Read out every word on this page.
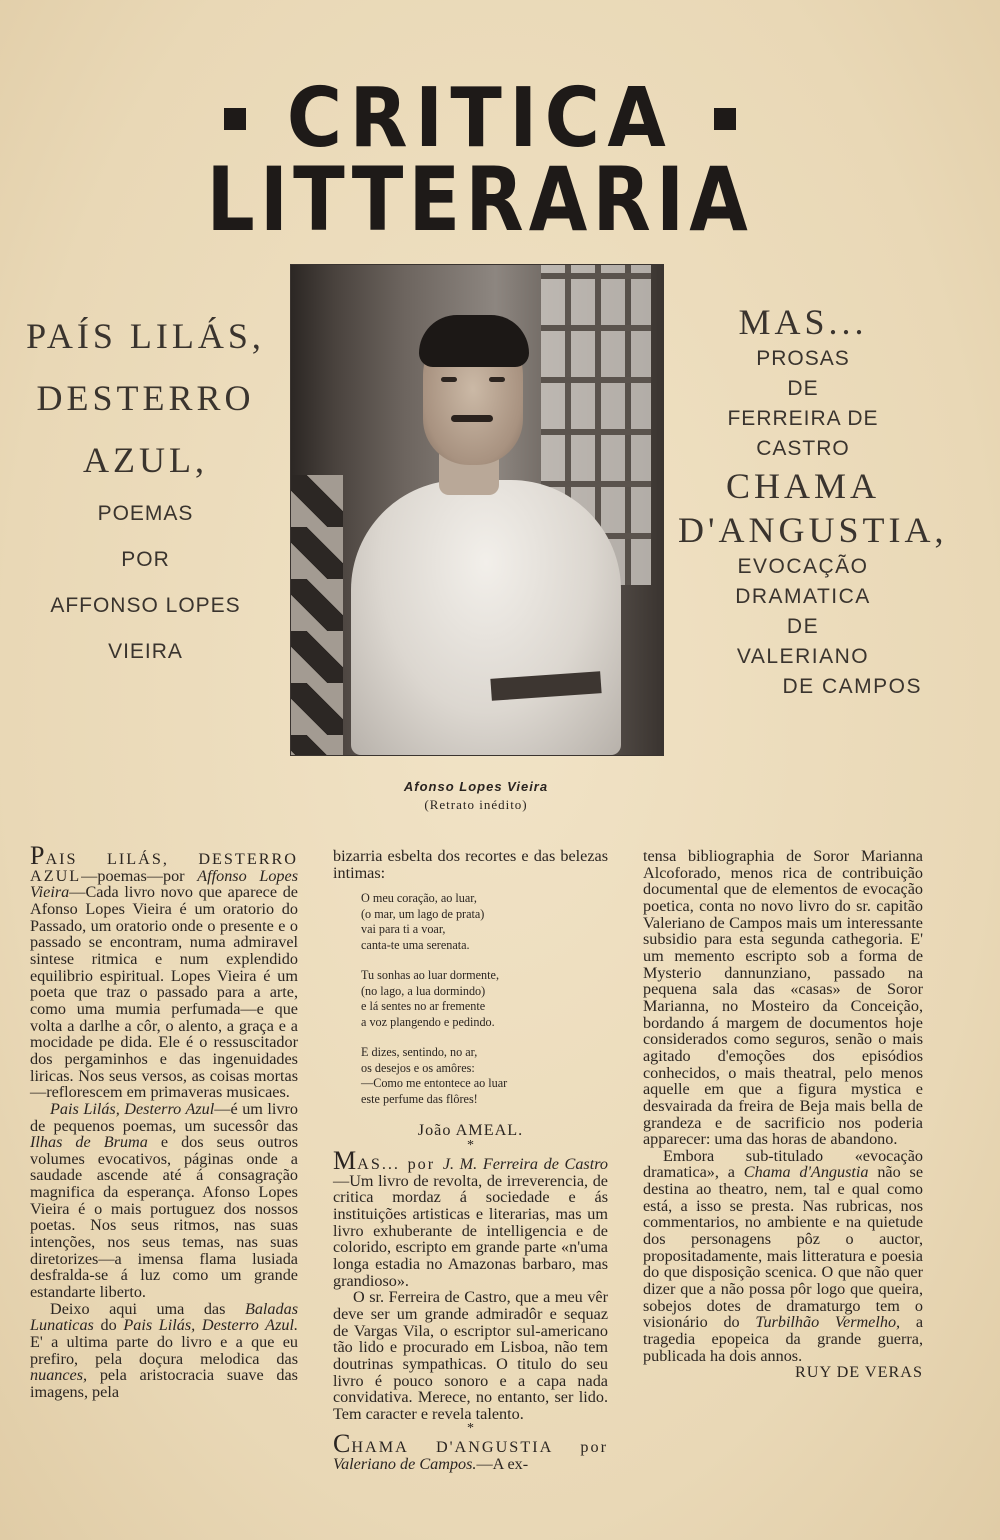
CRITICA
LITTERARIA

PAÍS LILÁS,

DESTERRO

AZUL,

POEMAS

POR

AFFONSO LOPES

VIEIRA

MAS...

PROSAS

DE

FERREIRA DE CASTRO

CHAMA

D'ANGUSTIA,

EVOCAÇÃO

DRAMATICA

DE

VALERIANO

DE CAMPOS

Afonso Lopes Vieira
(Retrato inédito)

PAIS LILÁS, DESTERRO AZUL—poemas—por Affonso Lopes Vieira—Cada livro novo que aparece de Afonso Lopes Vieira é um oratorio do Passado, um oratorio onde o presente e o passado se encontram, numa admiravel sintese ritmica e num explendido equilibrio espiritual. Lopes Vieira é um poeta que traz o passado para a arte, como uma mumia perfumada—e que volta a darlhe a côr, o alento, a graça e a mocidade pe dida. Ele é o ressuscitador dos pergaminhos e das ingenuidades liricas. Nos seus versos, as coisas mortas—reflorescem em primaveras musicaes.

Pais Lilás, Desterro Azul—é um livro de pequenos poemas, um sucessôr das Ilhas de Bruma e dos seus outros volumes evocativos, páginas onde a saudade ascende até á consagração magnifica da esperança. Afonso Lopes Vieira é o mais portuguez dos nossos poetas. Nos seus ritmos, nas suas intenções, nos seus temas, nas suas diretorizes—a imensa flama lusiada desfralda-se á luz como um grande estandarte liberto.

Deixo aqui uma das Baladas Lunaticas do Pais Lilás, Desterro Azul. E' a ultima parte do livro e a que eu prefiro, pela doçura melodica das nuances, pela aristocracia suave das imagens, pela

bizarria esbelta dos recortes e das belezas intimas:

O meu coração, ao luar,
(o mar, um lago de prata)
vai para ti a voar,
canta-te uma serenata.
Tu sonhas ao luar dormente,
(no lago, a lua dormindo)
e lá sentes no ar fremente
a voz plangendo e pedindo.
E dizes, sentindo, no ar,
os desejos e os amôres:
—Como me entontece ao luar
este perfume das flôres!

João AMEAL.

*

MAS... por J. M. Ferreira de Castro —Um livro de revolta, de irreverencia, de critica mordaz á sociedade e ás instituições artisticas e literarias, mas um livro exhuberante de intelligencia e de colorido, escripto em grande parte «n'uma longa estadia no Amazonas barbaro, mas grandioso».

O sr. Ferreira de Castro, que a meu vêr deve ser um grande admiradôr e sequaz de Vargas Vila, o escriptor sul-americano tão lido e procurado em Lisboa, não tem doutrinas sympathicas. O titulo do seu livro é pouco sonoro e a capa nada convidativa. Merece, no entanto, ser lido. Tem caracter e revela talento.

*

CHAMA D'ANGUSTIA por Valeriano de Campos.—A ex-

tensa bibliographia de Soror Marianna Alcoforado, menos rica de contribuição documental que de elementos de evocação poetica, conta no novo livro do sr. capitão Valeriano de Campos mais um interessante subsidio para esta segunda cathegoria. E' um memento escripto sob a forma de Mysterio dannunziano, passado na pequena sala das «casas» de Soror Marianna, no Mosteiro da Conceição, bordando á margem de documentos hoje considerados como seguros, senão o mais agitado d'emoções dos episódios conhecidos, o mais theatral, pelo menos aquelle em que a figura mystica e desvairada da freira de Beja mais bella de grandeza e de sacrificio nos poderia apparecer: uma das horas de abandono.

Embora sub-titulado «evocação dramatica», a Chama d'Angustia não se destina ao theatro, nem, tal e qual como está, a isso se presta. Nas rubricas, nos commentarios, no ambiente e na quietude dos personagens pôz o auctor, propositadamente, mais litteratura e poesia do que disposição scenica. O que não quer dizer que a não possa pôr logo que queira, sobejos dotes de dramaturgo tem o visionário do Turbilhão Vermelho, a tragedia epopeica da grande guerra, publicada ha dois annos.

RUY DE VERAS
